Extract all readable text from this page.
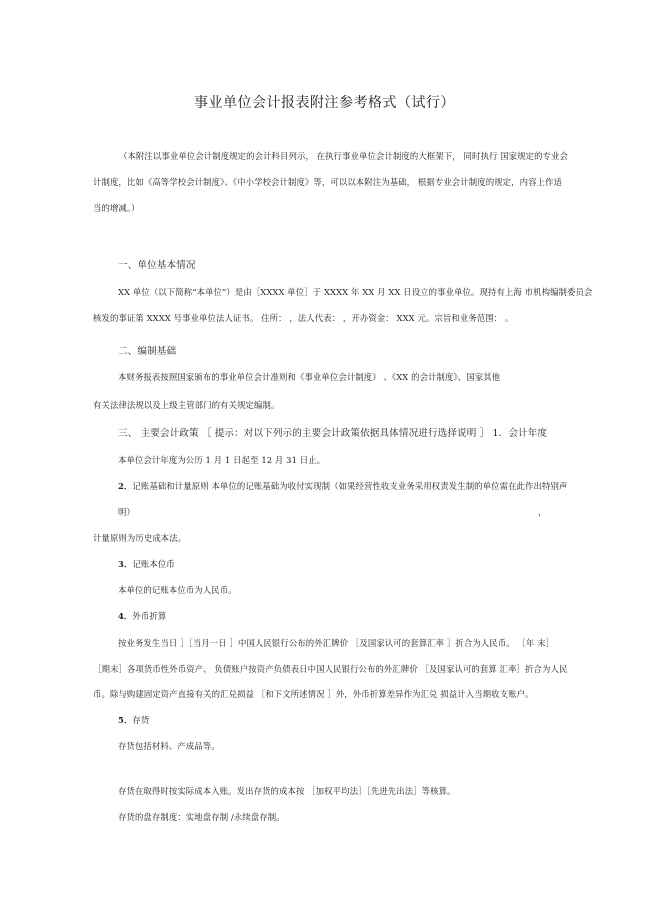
事业单位会计报表附注参考格式（试行）
（本附注以事业单位会计制度规定的会计科目列示， 在执行事业单位会计制度的大框架下， 同时执行 国家规定的专业会
计制度，比如《高等学校会计制度》、《中小学校会计制度》等，可以以本附注为基础， 根据专业会计制度的规定，内容上作适
当的增减。）
一、单位基本情况
XX 单位（以下简称“本单位”）是由［XXXX 单位］于 XXXX 年 XX 月 XX 日设立的事业单位。现持有上海 市机构编制委员会
核发的事证第 XXXX 号事业单位法人证书。 住所： ，法人代表： ，开办资金： XXX 元。宗旨和业务范围： 。
二、编制基础
本财务报表按照国家颁布的事业单位会计准则和《事业单位会计制度》 、《XX 的会计制度》、国家其他
有关法律法规以及上级主管部门的有关规定编制。
三、 主要会计政策 ［ 提示：对以下列示的主要会计政策依据具体情况进行选择说明 ］ 1．会计年度
本单位会计年度为公历 1 月 1 日起至 12 月 31 日止。
2．记账基础和计量原则 本单位的记账基础为收付实现制（如果经营性收支业务采用权责发生制的单位需在此作出特别声
明）	，
计量原则为历史成本法。
3．记账本位币
本单位的记账本位币为人民币。
4．外币折算
按业务发生当日 ］［当月一日 ］中国人民银行公布的外汇牌价 ［及国家认可的套算汇率 ］折合为人民币。 ［年 末］
［期末］各项货币性外币资产、 负债账户按资产负债表日中国人民银行公布的外汇牌价 ［及国家认可的套算 汇率］折合为人民
币。除与购建固定资产直接有关的汇兑损益 ［和下文所述情况 ］外，外币折算差异作为汇兑 损益计入当期收支账户。
5．存货
存货包括材料、产成品等。
存货在取得时按实际成本入账。发出存货的成本按 ［加权平均法］［先进先出法］等核算。
存货的盘存制度：实地盘存制 /永续盘存制。
